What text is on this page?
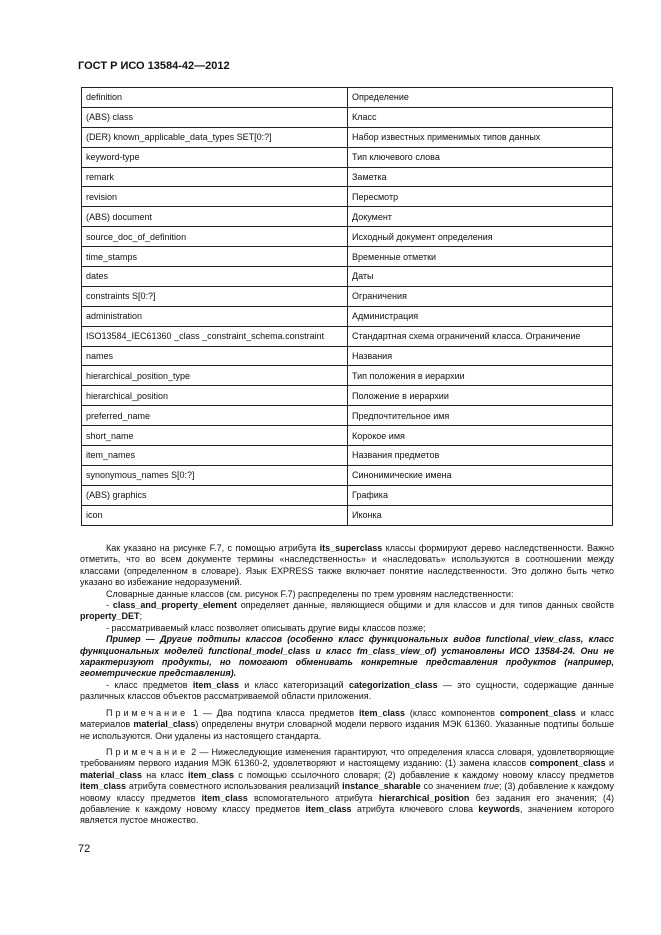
ГОСТ Р ИСО 13584-42—2012
definition	Определение
(ABS) class	Класс
(DER) known_applicable_data_types SET[0:?]	Набор известных применимых типов данных
keyword-type	Тип ключевого слова
remark	Заметка
revision	Пересмотр
(ABS) document	Документ
source_doc_of_definition	Исходный документ определения
time_stamps	Временные отметки
dates	Даты
constraints S[0:?]	Ограничения
administration	Администрация
ISO13584_IEC61360 _class _constraint_schema.constraint	Стандартная схема ограничений класса. Ограничение
names	Названия
hierarchical_position_type	Тип положения в иерархии
hierarchical_position	Положение в иерархии
preferred_name	Предпочтительное имя
short_name	Корокое имя
item_names	Названия предметов
synonymous_names S[0:?]	Синонимические имена
(ABS) graphics	Графика
icon	Иконка

Как указано на рисунке F.7, с помощью атрибута its_superclass классы формируют дерево наследственности. Важно отметить, что во всем документе термины «наследственность» и «наследовать» используются в соотношении между классами (определенном в словаре). Язык EXPRESS также включает понятие наследственности. Это должно быть четко указано во избежание недоразумений.

Словарные данные классов (см. рисунок F.7) распределены по трем уровням наследственности:

- class_and_property_element определяет данные, являющиеся общими и для классов и для типов данных свойств property_DET;

- рассматриваемый класс позволяет описывать другие виды классов позже;

Пример — Другие подтипы классов (особенно класс функциональных видов functional_view_class, класс функциональных моделей functional_model_class и класс fm_class_view_of) установлены ИСО 13584-24. Они не характеризуют продукты, но помогают обменивать конкретные представления продуктов (например, геометрические представления).

- класс предметов item_class и класс категоризаций categorization_class — это сущности, содержащие данные различных классов объектов рассматриваемой области приложения.

Примечание 1 — Два подтипа класса предметов item_class (класс компонентов component_class и класс материалов material_class) определены внутри словарной модели первого издания МЭК 61360. Указанные подтипы больше не используются. Они удалены из настоящего стандарта.

Примечание 2 — Нижеследующие изменения гарантируют, что определения класса словаря, удовлетворяющие требованиям первого издания МЭК 61360-2, удовлетворяют и настоящему изданию: (1) замена классов component_class и material_class на класс item_class с помощью ссылочного словаря; (2) добавление к каждому новому классу предметов item_class атрибута совместного использования реализаций instance_sharable со значением true; (3) добавление к каждому новому классу предметов item_class вспомогательного атрибута hierarchical_position без задания его значения; (4) добавление к каждому новому классу предметов item_class атрибута ключевого слова keywords, значением которого является пустое множество.

72
